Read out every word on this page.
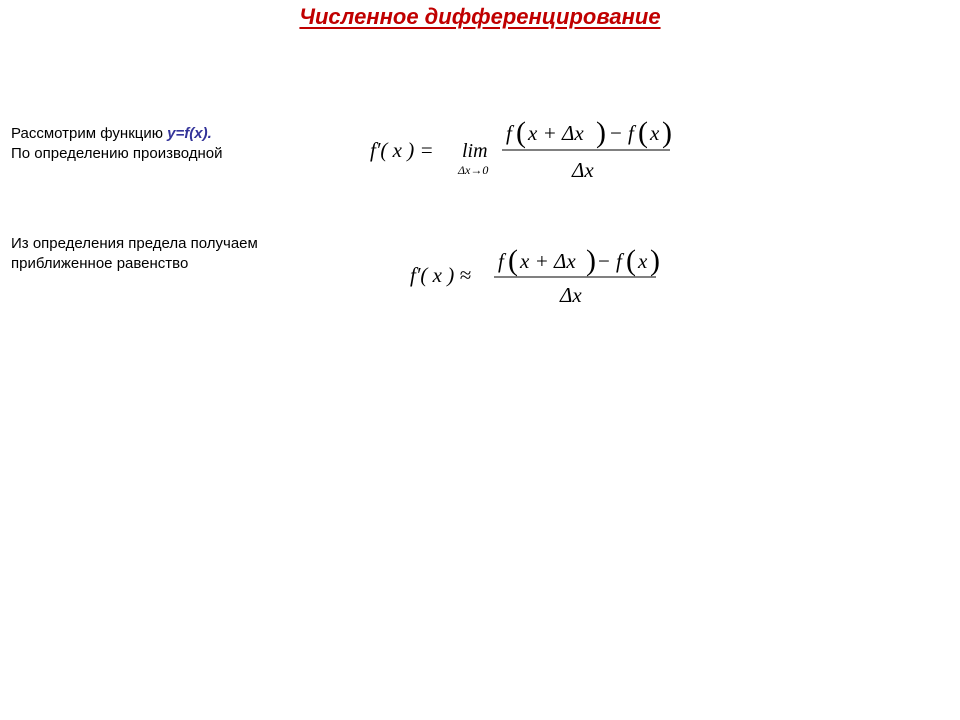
Численное дифференцирование
Рассмотрим функцию y=f(x).
По определению производной
Из определения предела получаем
приближенное равенство
f′( x ) = lim
Δx→0
f ( x + Δx ) − f ( x )
Δx
f′( x ) ≈
f ( x + Δx ) − f ( x )
Δx
